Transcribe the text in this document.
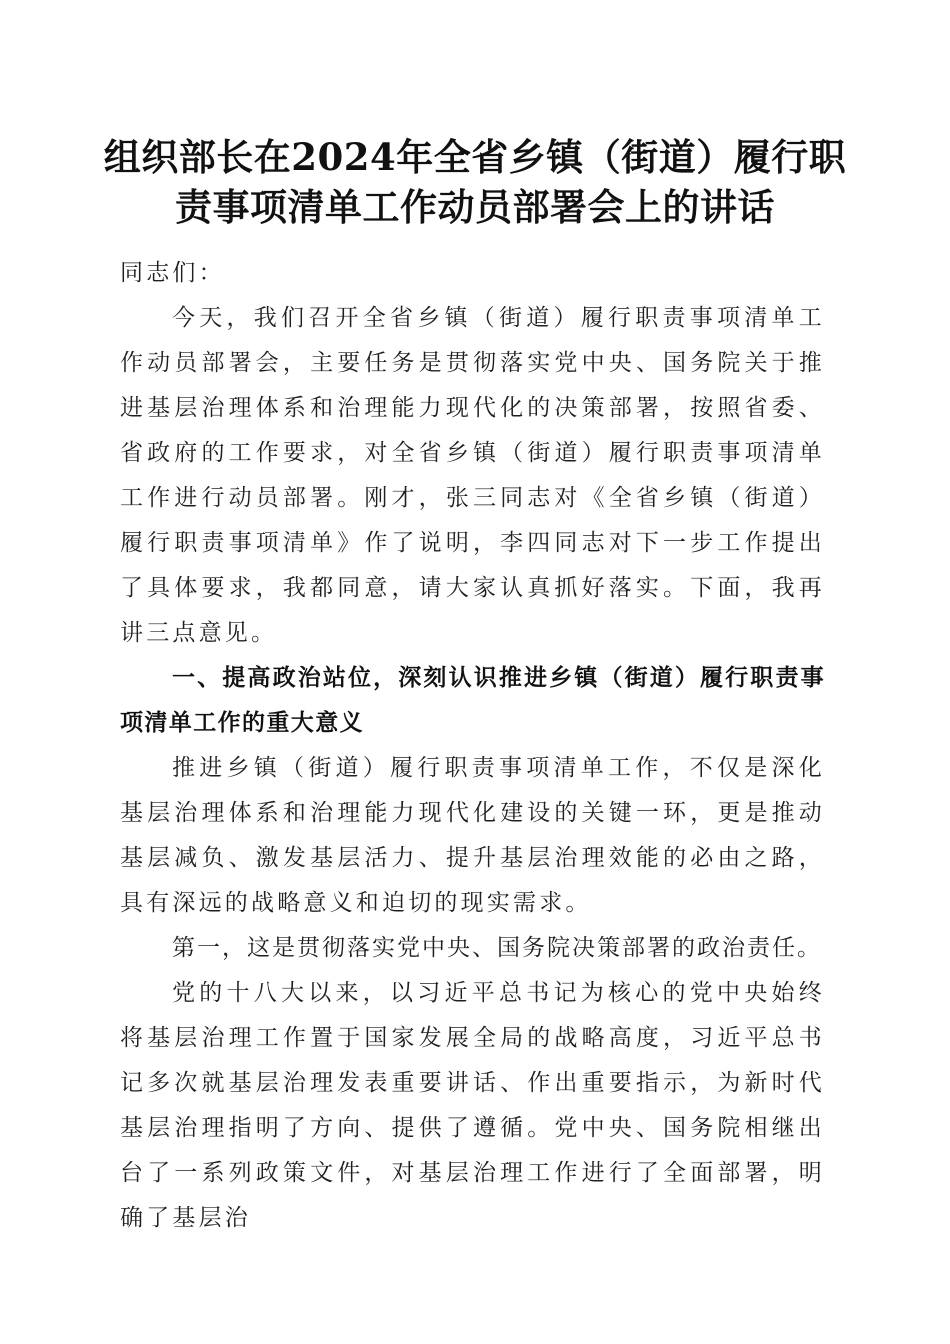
组织部长在2024年全省乡镇（街道）履行职
责事项清单工作动员部署会上的讲话

同志们：

今天，我们召开全省乡镇（街道）履行职责事项清单工作动员部署会，主要任务是贯彻落实党中央、国务院关于推进基层治理体系和治理能力现代化的决策部署，按照省委、省政府的工作要求，对全省乡镇（街道）履行职责事项清单工作进行动员部署。刚才，张三同志对《全省乡镇（街道）履行职责事项清单》作了说明，李四同志对下一步工作提出了具体要求，我都同意，请大家认真抓好落实。下面，我再讲三点意见。

一、提高政治站位，深刻认识推进乡镇（街道）履行职责事项清单工作的重大意义

推进乡镇（街道）履行职责事项清单工作，不仅是深化基层治理体系和治理能力现代化建设的关键一环，更是推动基层减负、激发基层活力、提升基层治理效能的必由之路，具有深远的战略意义和迫切的现实需求。

第一，这是贯彻落实党中央、国务院决策部署的政治责任。

党的十八大以来，以习近平总书记为核心的党中央始终将基层治理工作置于国家发展全局的战略高度，习近平总书记多次就基层治理发表重要讲话、作出重要指示，为新时代基层治理指明了方向、提供了遵循。党中央、国务院相继出台了一系列政策文件，对基层治理工作进行了全面部署，明确了基层治
